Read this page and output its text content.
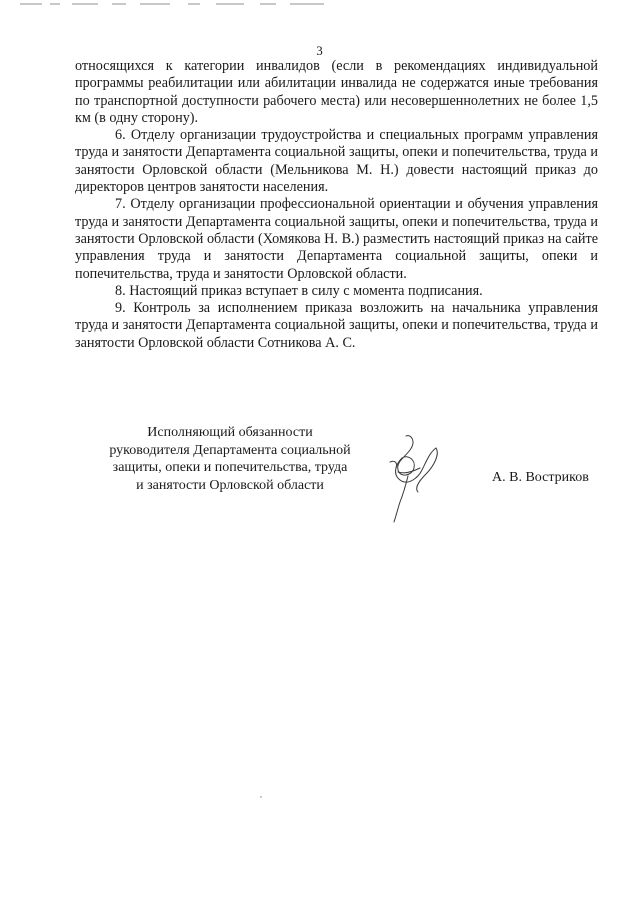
3

относящихся к категории инвалидов (если в рекомендациях индивидуальной программы реабилитации или абилитации инвалида не содержатся иные требования по транспортной доступности рабочего места) или несовершеннолетних не более 1,5 км (в одну сторону).

6. Отделу организации трудоустройства и специальных программ управления труда и занятости Департамента социальной защиты, опеки и попечительства, труда и занятости Орловской области (Мельникова М. Н.) довести настоящий приказ до директоров центров занятости населения.

7. Отделу организации профессиональной ориентации и обучения управления труда и занятости Департамента социальной защиты, опеки и попечительства, труда и занятости Орловской области (Хомякова Н. В.) разместить настоящий приказ на сайте управления труда и занятости Департамента социальной защиты, опеки и попечительства, труда и занятости Орловской области.

8. Настоящий приказ вступает в силу с момента подписания.

9. Контроль за исполнением приказа возложить на начальника управления труда и занятости Департамента социальной защиты, опеки и попечительства, труда и занятости Орловской области Сотникова А. С.

Исполняющий обязанности
руководителя Департамента социальной
защиты, опеки и попечительства, труда
и занятости Орловской области	А. В. Востриков
